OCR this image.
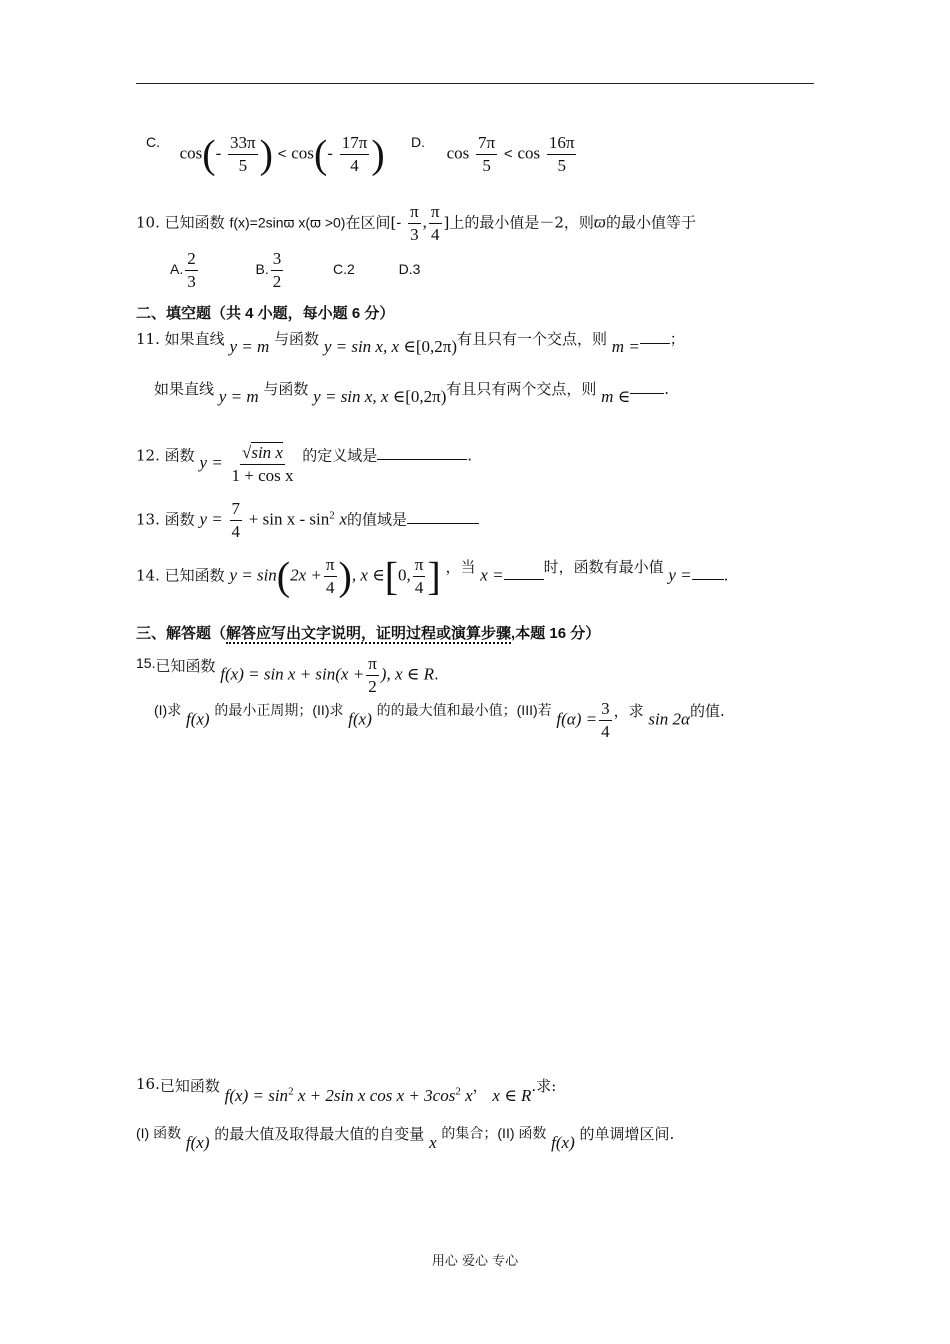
C.  $\cos(- \frac{33\pi}{5}$ ) < $\cos(- \frac{17\pi}{4}$ ) D.  $\cos \frac{7\pi}{5} < \cos \frac{16\pi}{5}$
10. 已知函数 f(x)=2sinϖ x(ϖ >0)在区间[- $\frac{\pi}{3}$ , $\frac{\pi}{4}$ ]上的最小值是－2，则ϖ的最小值等于
A. $\frac{2}{3}$	B. $\frac{3}{2}$	C.2	D.3
二、填空题（共 4 小题，每小题 6 分）
11. 如果直线 y = m 与函数 y = sin x, x ∈[0,2π)有且只有一个交点，则 m = ；
如果直线 y = m 与函数 y = sin x, x ∈[0,2π)有且只有两个交点，则 m ∈ .
12. 函数 $y = \frac{\text{√sin x}}{\text{1 + cos x}}$ 的定义域是	.
13. 函数 $y = \frac{7}{4} + \sin x - \sin^2 x$的值域是
14. 已知函数 $y = \sin(2x + \frac{\pi}{4}$ ), x ∈[0, $\frac{\pi}{4}$ ] ，当 x =	时，函数有最小值 y = .
三、解答题（解答应写出文字说明，证明过程或演算步骤,本题 16 分）
15.已知函数 $f(x) = \sin x + \sin(x + \frac{\pi}{2}$ ), x ∈ R.
(I)求 f(x) 的最小正周期；(II)求 f(x) 的的最大值和最小值；(III)若 $f(\alpha) = \frac{3}{4}$ ，求 sin 2α的值.
16.已知函数 $f(x) = \sin^2 x + 2\sin$ x $\cos x + 3\cos^2$ x， x ∈ R.求:
(I) 函数 f(x) 的最大值及取得最大值的自变量 x 的集合；(II) 函数 f(x) 的单调增区间.
用心 爱心 专心
